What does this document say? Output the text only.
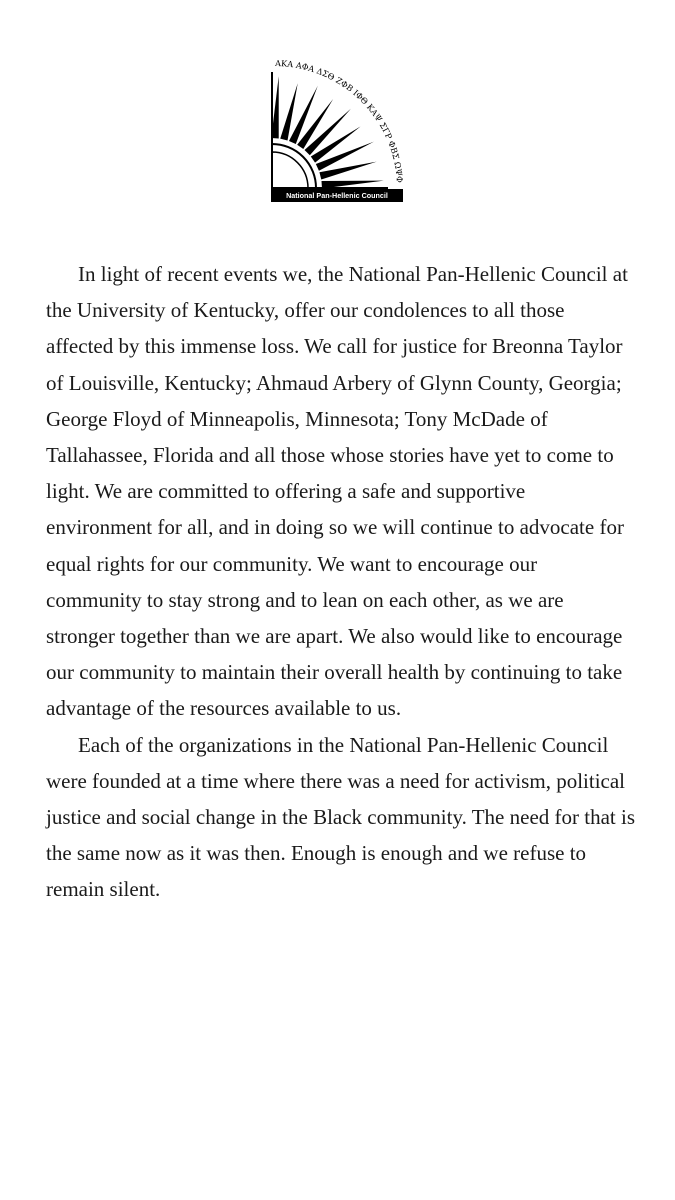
ΑΚΑ ΑΦΑ ΔΣΘ ΖΦΒ ΙΦΘ ΚΑΨ ΣΓΡ ΦΒΣ ΩΨΦ
National Pan-Hellenic Council

In light of recent events we, the National Pan-Hellenic Council at the University of Kentucky, offer our condolences to all those affected by this immense loss. We call for justice for Breonna Taylor of Louisville, Kentucky; Ahmaud Arbery of Glynn County, Georgia; George Floyd of Minneapolis, Minnesota; Tony McDade of Tallahassee, Florida and all those whose stories have yet to come to light. We are committed to offering a safe and supportive environment for all, and in doing so we will continue to advocate for equal rights for our community. We want to encourage our community to stay strong and to lean on each other, as we are stronger together than we are apart. We also would like to encourage our community to maintain their overall health by continuing to take advantage of the resources available to us.

Each of the organizations in the National Pan-Hellenic Council were founded at a time where there was a need for activism, political justice and social change in the Black community. The need for that is the same now as it was then. Enough is enough and we refuse to remain silent.
